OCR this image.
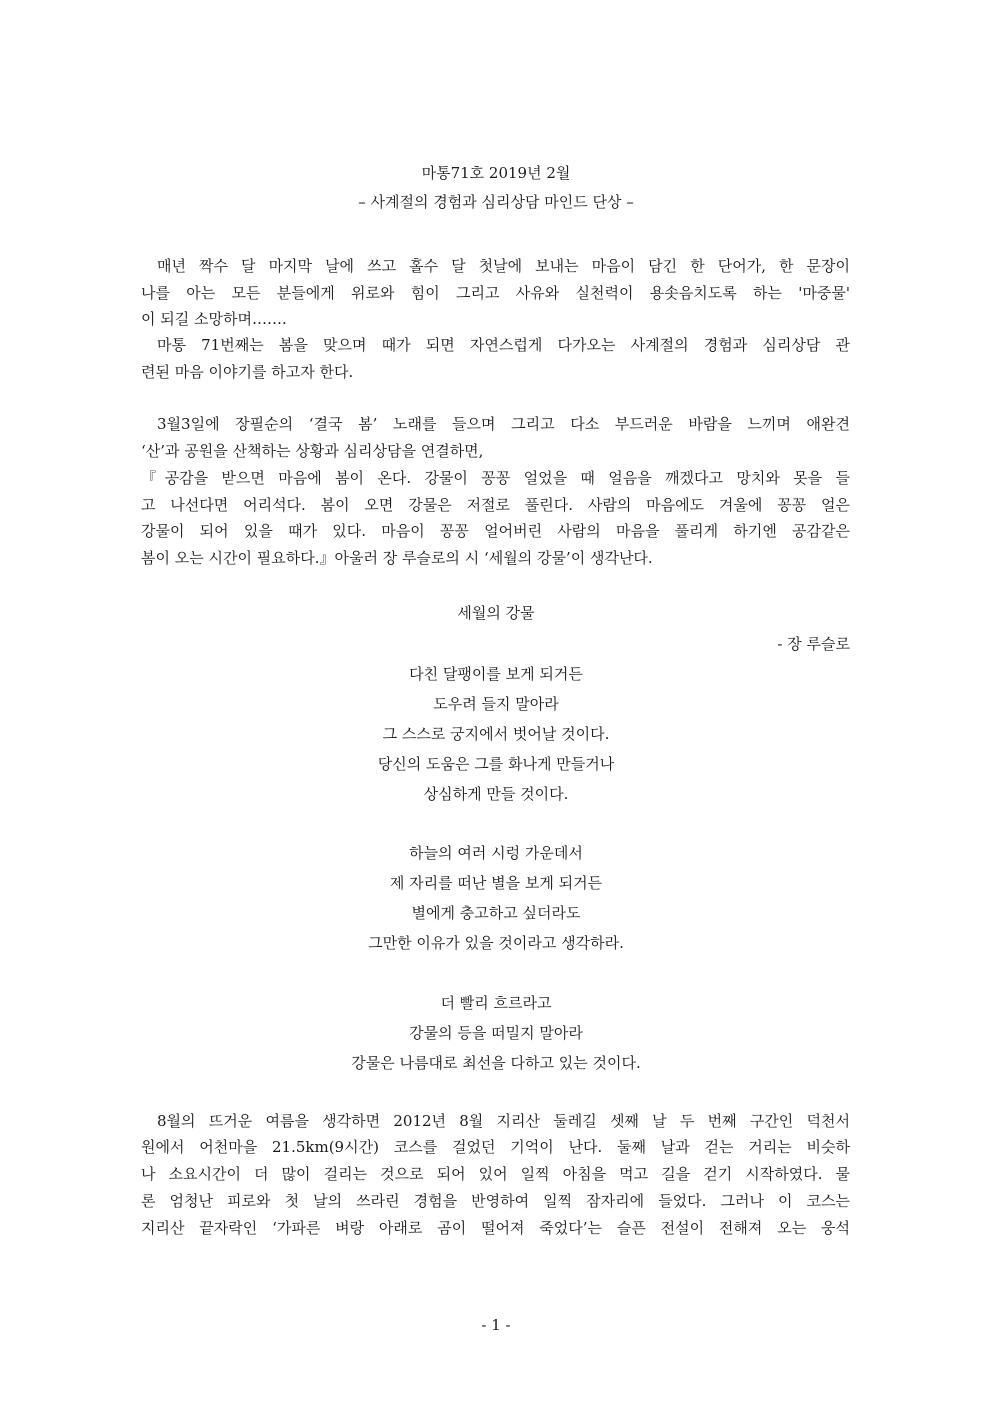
마통71호 2019년 2월
– 사계절의 경험과 심리상담 마인드 단상 –
매년 짝수 달 마지막 날에 쓰고 홀수 달 첫날에 보내는 마음이 담긴 한 단어가, 한 문장이
나를 아는 모든 분들에게 위로와 힘이 그리고 사유와 실천력이 용솟음치도록 하는 '마중물'
이 되길 소망하며…….
마통 71번째는 봄을 맞으며 때가 되면 자연스럽게 다가오는 사계절의 경험과 심리상담 관
련된 마음 이야기를 하고자 한다.
3월3일에 장필순의 ‘결국 봄’ 노래를 들으며 그리고 다소 부드러운 바람을 느끼며 애완견
‘산’과 공원을 산책하는 상황과 심리상담을 연결하면,
『공감을 받으면 마음에 봄이 온다. 강물이 꽁꽁 얼었을 때 얼음을 깨겠다고 망치와 못을 들
고 나선다면 어리석다. 봄이 오면 강물은 저절로 풀린다. 사람의 마음에도 겨울에 꽁꽁 얼은
강물이 되어 있을 때가 있다. 마음이 꽁꽁 얼어버린 사람의 마음을 풀리게 하기엔 공감같은
봄이 오는 시간이 필요하다.』아울러 장 루슬로의 시 ‘세월의 강물’이 생각난다.
세월의 강물
- 장 루슬로
다친 달팽이를 보게 되거든
도우려 들지 말아라
그 스스로 궁지에서 벗어날 것이다.
당신의 도움은 그를 화나게 만들거나
상심하게 만들 것이다.
하늘의 여러 시렁 가운데서
제 자리를 떠난 별을 보게 되거든
별에게 충고하고 싶더라도
그만한 이유가 있을 것이라고 생각하라.
더 빨리 흐르라고
강물의 등을 떠밀지 말아라
강물은 나름대로 최선을 다하고 있는 것이다.
8월의 뜨거운 여름을 생각하면 2012년 8월 지리산 둘레길 셋째 날 두 번째 구간인 덕천서
원에서 어천마을 21.5km(9시간) 코스를 걸었던 기억이 난다. 둘째 날과 걷는 거리는 비슷하
나 소요시간이 더 많이 걸리는 것으로 되어 있어 일찍 아침을 먹고 길을 걷기 시작하였다. 물
론 엄청난 피로와 첫 날의 쓰라린 경험을 반영하여 일찍 잠자리에 들었다. 그러나 이 코스는
지리산 끝자락인 ‘가파른 벼랑 아래로 곰이 떨어져 죽었다’는 슬픈 전설이 전해져 오는 웅석
- 1 -
